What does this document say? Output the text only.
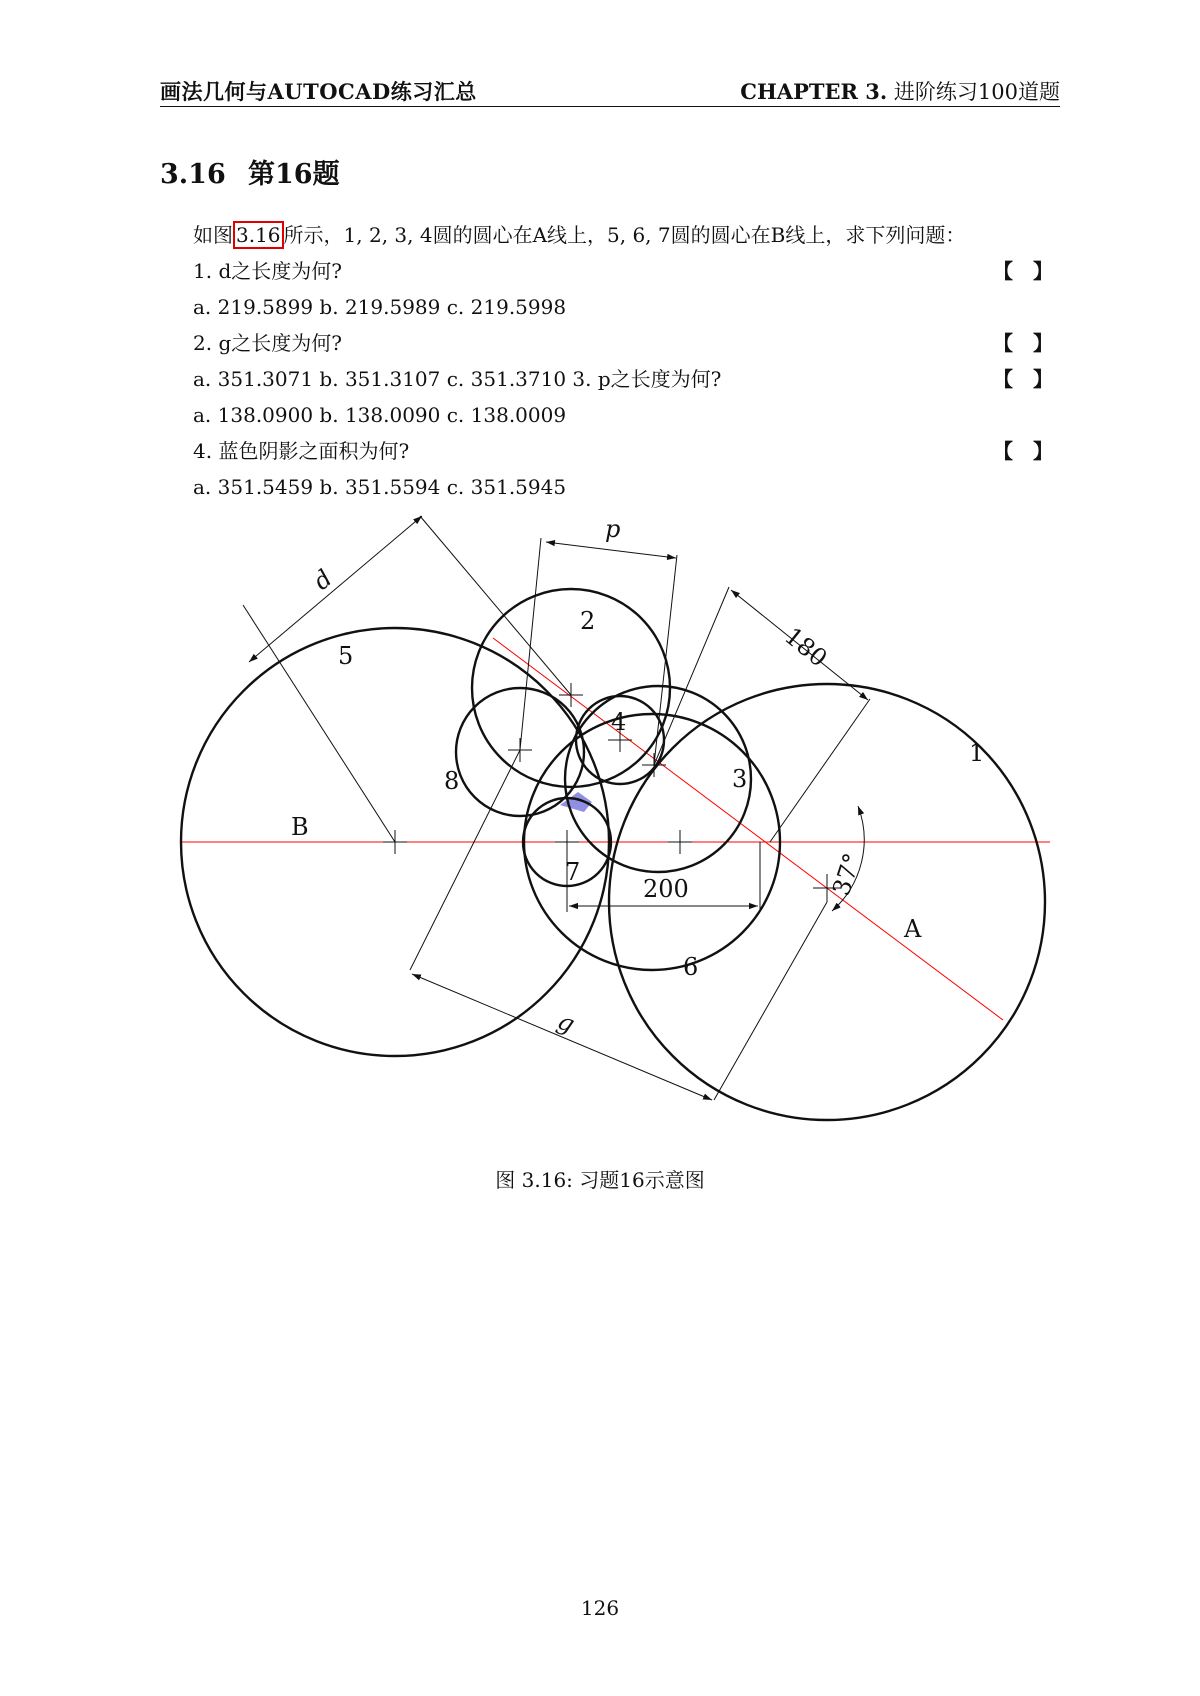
画法几何与AUTOCAD练习汇总	CHAPTER 3. 进阶练习100道题
3.16 第16题
如图 3.16 所示，1, 2, 3, 4圆的圆心在A线上，5, 6, 7圆的圆心在B线上，求下列问题：
1. d之长度为何?	【　】
a. 219.5899 b. 219.5989 c. 219.5998
2. g之长度为何?	【　】
a. 351.3071 b. 351.3107 c. 351.3710 3. p之长度为何?	【　】
a. 138.0900 b. 138.0090 c. 138.0009
4. 蓝色阴影之面积为何?	【　】
a. 351.5459 b. 351.5594 c. 351.5945
1
2
3
4
5
6
7
8
A
B
d
p
180
200
g
37°
图 3.16: 习题16示意图
126
